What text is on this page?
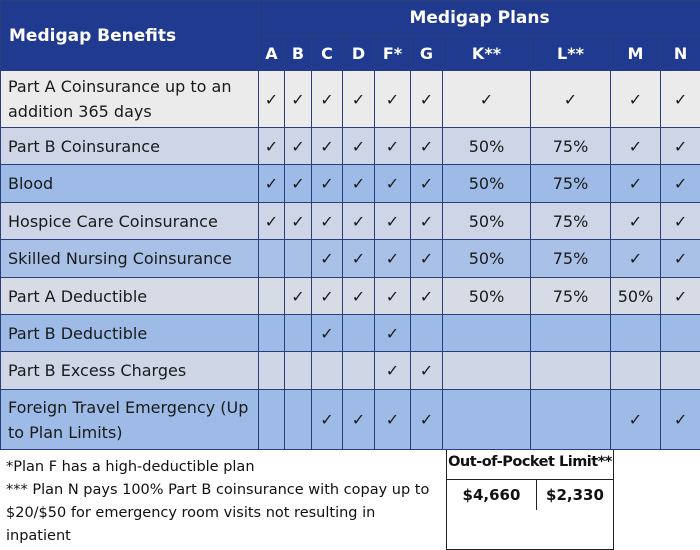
Medigap Benefits	Medigap Plans									
	A	B	C	D	F*	G	K**	L**	M	N
Part A Coinsurance up to an addition 365 days	✓	✓	✓	✓	✓	✓	✓	✓	✓	✓
Part B Coinsurance	✓	✓	✓	✓	✓	✓	50%	75%	✓	✓
Blood	✓	✓	✓	✓	✓	✓	50%	75%	✓	✓
Hospice Care Coinsurance	✓	✓	✓	✓	✓	✓	50%	75%	✓	✓
Skilled Nursing Coinsurance			✓	✓	✓	✓	50%	75%	✓	✓
Part A Deductible		✓	✓	✓	✓	✓	50%	75%	50%	✓
Part B Deductible			✓		✓					
Part B Excess Charges					✓	✓				
Foreign Travel Emergency (Up to Plan Limits)			✓	✓	✓	✓			✓	✓
*Plan F has a high-deductible plan
*** Plan N pays 100% Part B coinsurance with copay up to $20/$50 for emergency room visits not resulting in inpatient
Out-of-Pocket Limit**
$4,660	$2,330
